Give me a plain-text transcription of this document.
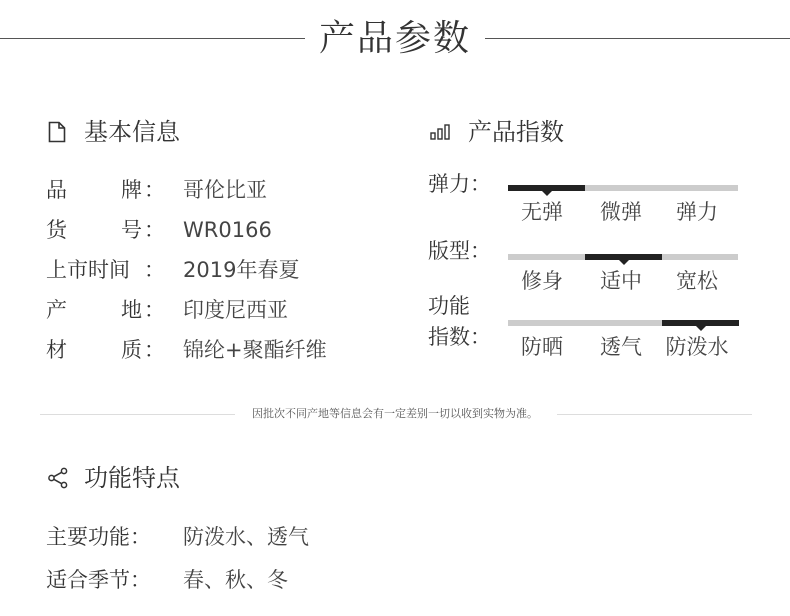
产品参数
基本信息
品	牌 ： 哥伦比亚
货	号 ： WR0166
上市时间 ： 2019年春夏
产	地 ： 印度尼西亚
材	质 ： 锦纶+聚酯纤维
产品指数
弹力：
无弹	微弹	弹力
版型：
修身	适中	宽松
功能
指数：	防晒	透气	防泼水
因批次不同产地等信息会有一定差别一切以收到实物为准。
功能特点
主要功能： 防泼水、透气
适合季节： 春、秋、冬
